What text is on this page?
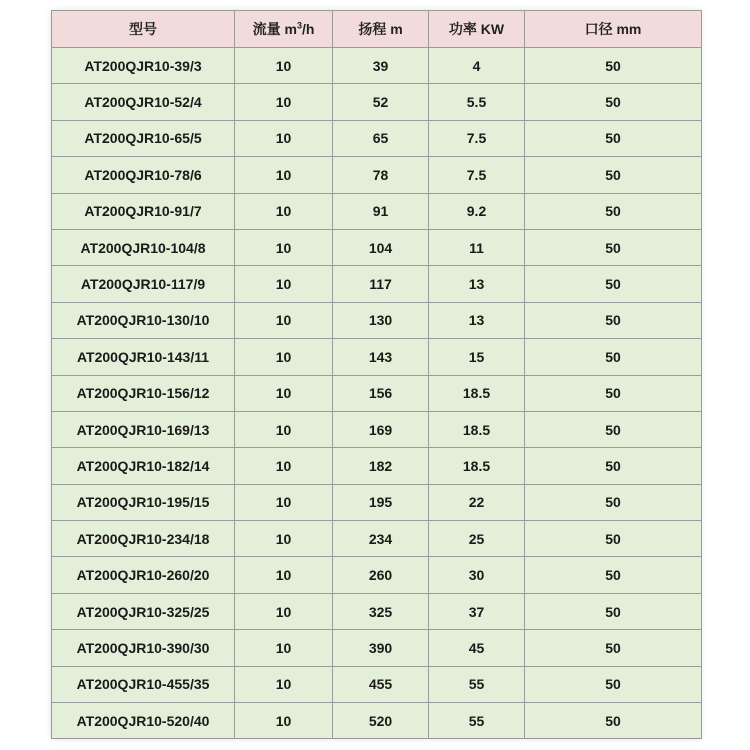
型号	流量 $m^3/h$	扬程 m	功率 KW	口径 mm
AT200QJR10-39/3	10	39	4	50
AT200QJR10-52/4	10	52	5.5	50
AT200QJR10-65/5	10	65	7.5	50
AT200QJR10-78/6	10	78	7.5	50
AT200QJR10-91/7	10	91	9.2	50
AT200QJR10-104/8	10	104	11	50
AT200QJR10-117/9	10	117	13	50
AT200QJR10-130/10	10	130	13	50
AT200QJR10-143/11	10	143	15	50
AT200QJR10-156/12	10	156	18.5	50
AT200QJR10-169/13	10	169	18.5	50
AT200QJR10-182/14	10	182	18.5	50
AT200QJR10-195/15	10	195	22	50
AT200QJR10-234/18	10	234	25	50
AT200QJR10-260/20	10	260	30	50
AT200QJR10-325/25	10	325	37	50
AT200QJR10-390/30	10	390	45	50
AT200QJR10-455/35	10	455	55	50
AT200QJR10-520/40	10	520	55	50
